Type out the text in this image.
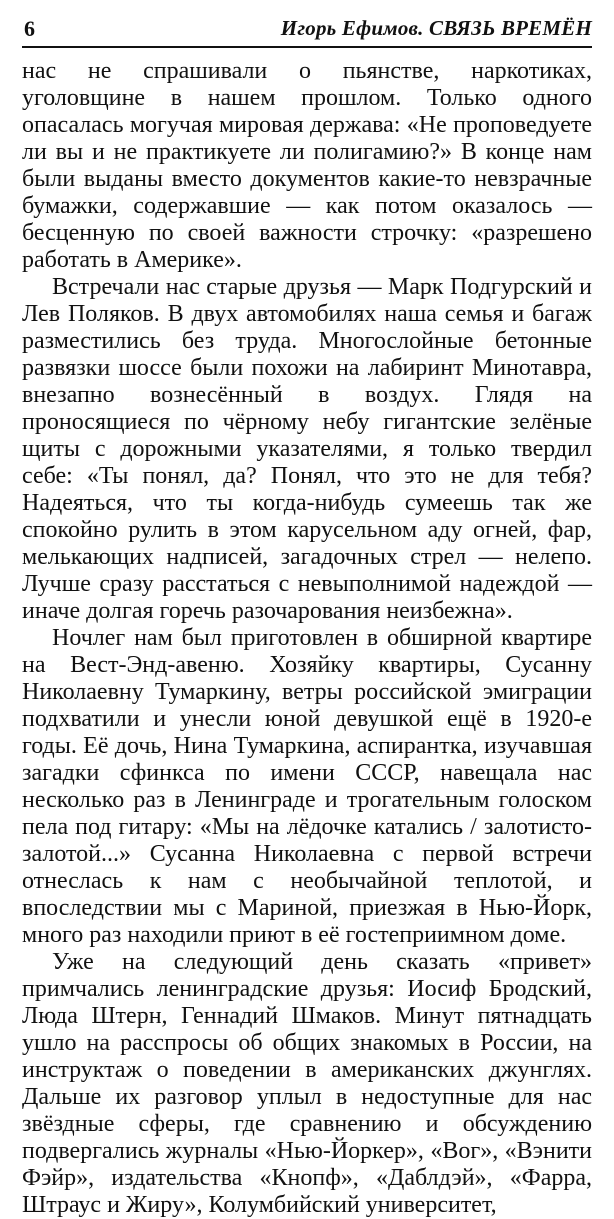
6	Игорь Ефимов. СВЯЗЬ ВРЕМЁН

нас не спрашивали о пьянстве, наркотиках, уголовщине в нашем прошлом. Только одного опасалась могучая мировая держава: «Не проповедуете ли вы и не практикуете ли полигамию?» В конце нам были выданы вместо документов какие-то невзрачные бумажки, содержавшие — как потом оказалось — бесценную по своей важности строчку: «разрешено работать в Америке».

Встречали нас старые друзья — Марк Подгурский и Лев Поляков. В двух автомобилях наша семья и багаж разместились без труда. Многослойные бетонные развязки шоссе были похожи на лабиринт Минотавра, внезапно вознесённый в воздух. Глядя на проносящиеся по чёрному небу гигантские зелёные щиты с дорожными указателями, я только твердил себе: «Ты понял, да? Понял, что это не для тебя? Надеяться, что ты когда-нибудь сумеешь так же спокойно рулить в этом карусельном аду огней, фар, мелькающих надписей, загадочных стрел — нелепо. Лучше сразу расстаться с невыполнимой надеждой — иначе долгая горечь разочарования неизбежна».

Ночлег нам был приготовлен в обширной квартире на Вест-Энд-авеню. Хозяйку квартиры, Сусанну Николаевну Тумаркину, ветры российской эмиграции подхватили и унесли юной девушкой ещё в 1920-е годы. Её дочь, Нина Тумаркина, аспирантка, изучавшая загадки сфинкса по имени СССР, навещала нас несколько раз в Ленинграде и трогательным голоском пела под гитару: «Мы на лёдочке катались / залотисто-залотой...» Сусанна Николаевна с первой встречи отнеслась к нам с необычайной теплотой, и впоследствии мы с Мариной, приезжая в Нью-Йорк, много раз находили приют в её гостеприимном доме.

Уже на следующий день сказать «привет» примчались ленинградские друзья: Иосиф Бродский, Люда Штерн, Геннадий Шмаков. Минут пятнадцать ушло на расспросы об общих знакомых в России, на инструктаж о поведении в американских джунглях. Дальше их разговор уплыл в недоступные для нас звёздные сферы, где сравнению и обсуждению подвергались журналы «Нью-Йоркер», «Вог», «Вэнити Фэйр», издательства «Кнопф», «Даблдэй», «Фарра, Штраус и Жиру», Колумбийский университет,
